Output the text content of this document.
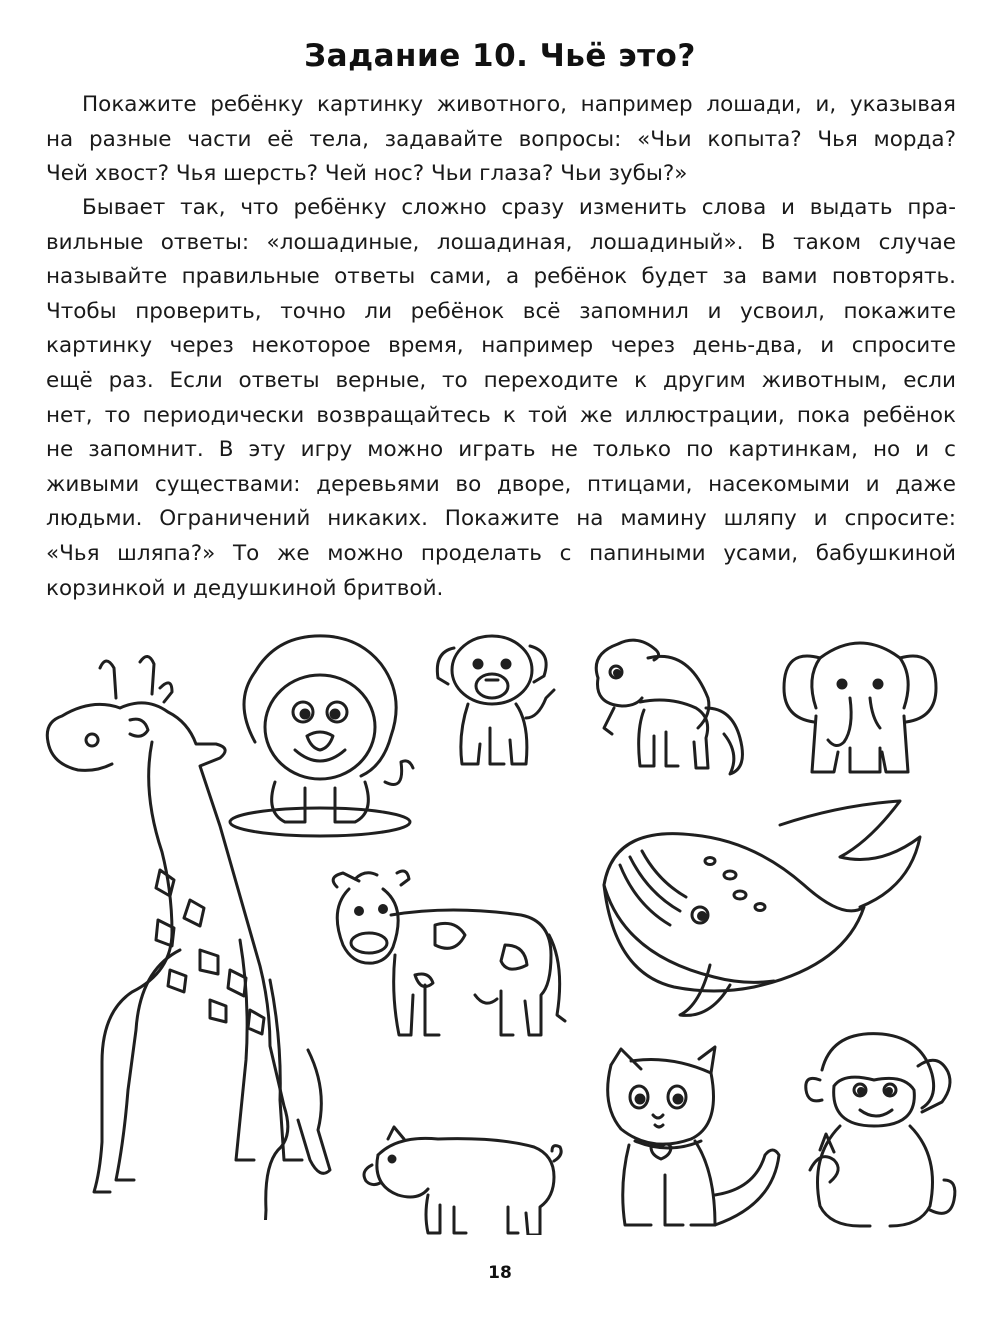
Задание 10. Чьё это?
Покажите ребёнку картинку животного, например лошади, и, указывая
на разные части её тела, задавайте вопросы: «Чьи копыта? Чья морда?
Чей хвост? Чья шерсть? Чей нос? Чьи глаза? Чьи зубы?»
Бывает так, что ребёнку сложно сразу изменить слова и выдать пра-
вильные ответы: «лошадиные, лошадиная, лошадиный». В таком случае
называйте правильные ответы сами, а ребёнок будет за вами повторять.
Чтобы проверить, точно ли ребёнок всё запомнил и усвоил, покажите
картинку через некоторое время, например через день-два, и спросите
ещё раз. Если ответы верные, то переходите к другим животным, если
нет, то периодически возвращайтесь к той же иллюстрации, пока ребёнок
не запомнит. В эту игру можно играть не только по картинкам, но и с
живыми существами: деревьями во дворе, птицами, насекомыми и даже
людьми. Ограничений никаких. Покажите на мамину шляпу и спросите:
«Чья шляпа?» То же можно проделать с папиными усами, бабушкиной
корзинкой и дедушкиной бритвой.
18
